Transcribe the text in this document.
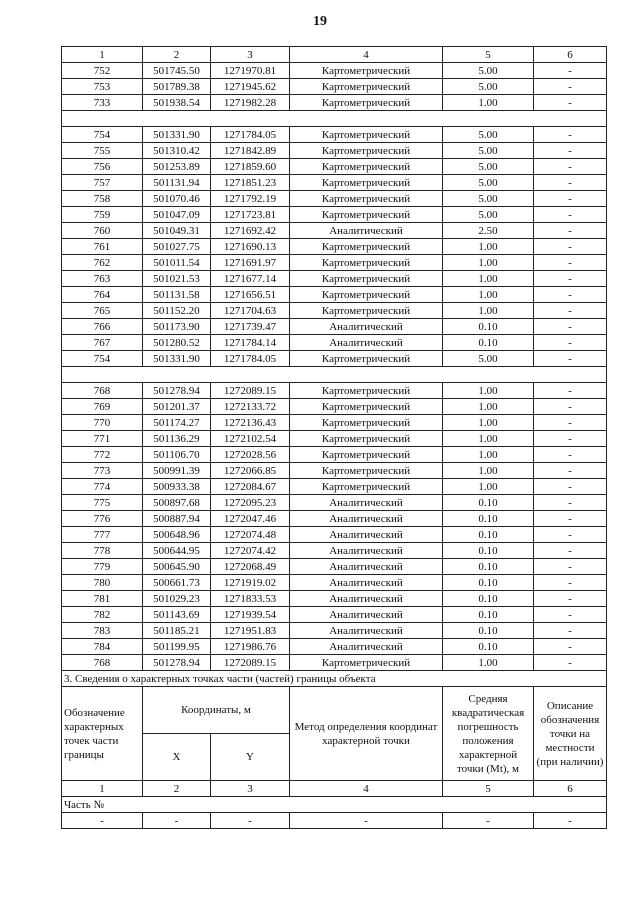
19
1	2	3	4	5	6
752	501745.50	1271970.81	Картометрический	5.00	-
753	501789.38	1271945.62	Картометрический	5.00	-
733	501938.54	1271982.28	Картометрический	1.00	-

754	501331.90	1271784.05	Картометрический	5.00	-
755	501310.42	1271842.89	Картометрический	5.00	-
756	501253.89	1271859.60	Картометрический	5.00	-
757	501131.94	1271851.23	Картометрический	5.00	-
758	501070.46	1271792.19	Картометрический	5.00	-
759	501047.09	1271723.81	Картометрический	5.00	-
760	501049.31	1271692.42	Аналитический	2.50	-
761	501027.75	1271690.13	Картометрический	1.00	-
762	501011.54	1271691.97	Картометрический	1.00	-
763	501021.53	1271677.14	Картометрический	1.00	-
764	501131.58	1271656.51	Картометрический	1.00	-
765	501152.20	1271704.63	Картометрический	1.00	-
766	501173.90	1271739.47	Аналитический	0.10	-
767	501280.52	1271784.14	Аналитический	0.10	-
754	501331.90	1271784.05	Картометрический	5.00	-

768	501278.94	1272089.15	Картометрический	1.00	-
769	501201.37	1272133.72	Картометрический	1.00	-
770	501174.27	1272136.43	Картометрический	1.00	-
771	501136.29	1272102.54	Картометрический	1.00	-
772	501106.70	1272028.56	Картометрический	1.00	-
773	500991.39	1272066.85	Картометрический	1.00	-
774	500933.38	1272084.67	Картометрический	1.00	-
775	500897.68	1272095.23	Аналитический	0.10	-
776	500887.94	1272047.46	Аналитический	0.10	-
777	500648.96	1272074.48	Аналитический	0.10	-
778	500644.95	1272074.42	Аналитический	0.10	-
779	500645.90	1272068.49	Аналитический	0.10	-
780	500661.73	1271919.02	Аналитический	0.10	-
781	501029.23	1271833.53	Аналитический	0.10	-
782	501143.69	1271939.54	Аналитический	0.10	-
783	501185.21	1271951.83	Аналитический	0.10	-
784	501199.95	1271986.76	Аналитический	0.10	-
768	501278.94	1272089.15	Картометрический	1.00	-
3. Сведения о характерных точках части (частей) границы объекта					
Обозначение характерных точек части границы	Координаты, м		Метод определения координат характерной точки	Средняя квадратическая погрешность положения характерной точки (Mt), м	Описание обозначения точки на местности (при наличии)
	X	Y			
1	2	3	4	5	6
Часть №					
-	-	-	-	-	-
